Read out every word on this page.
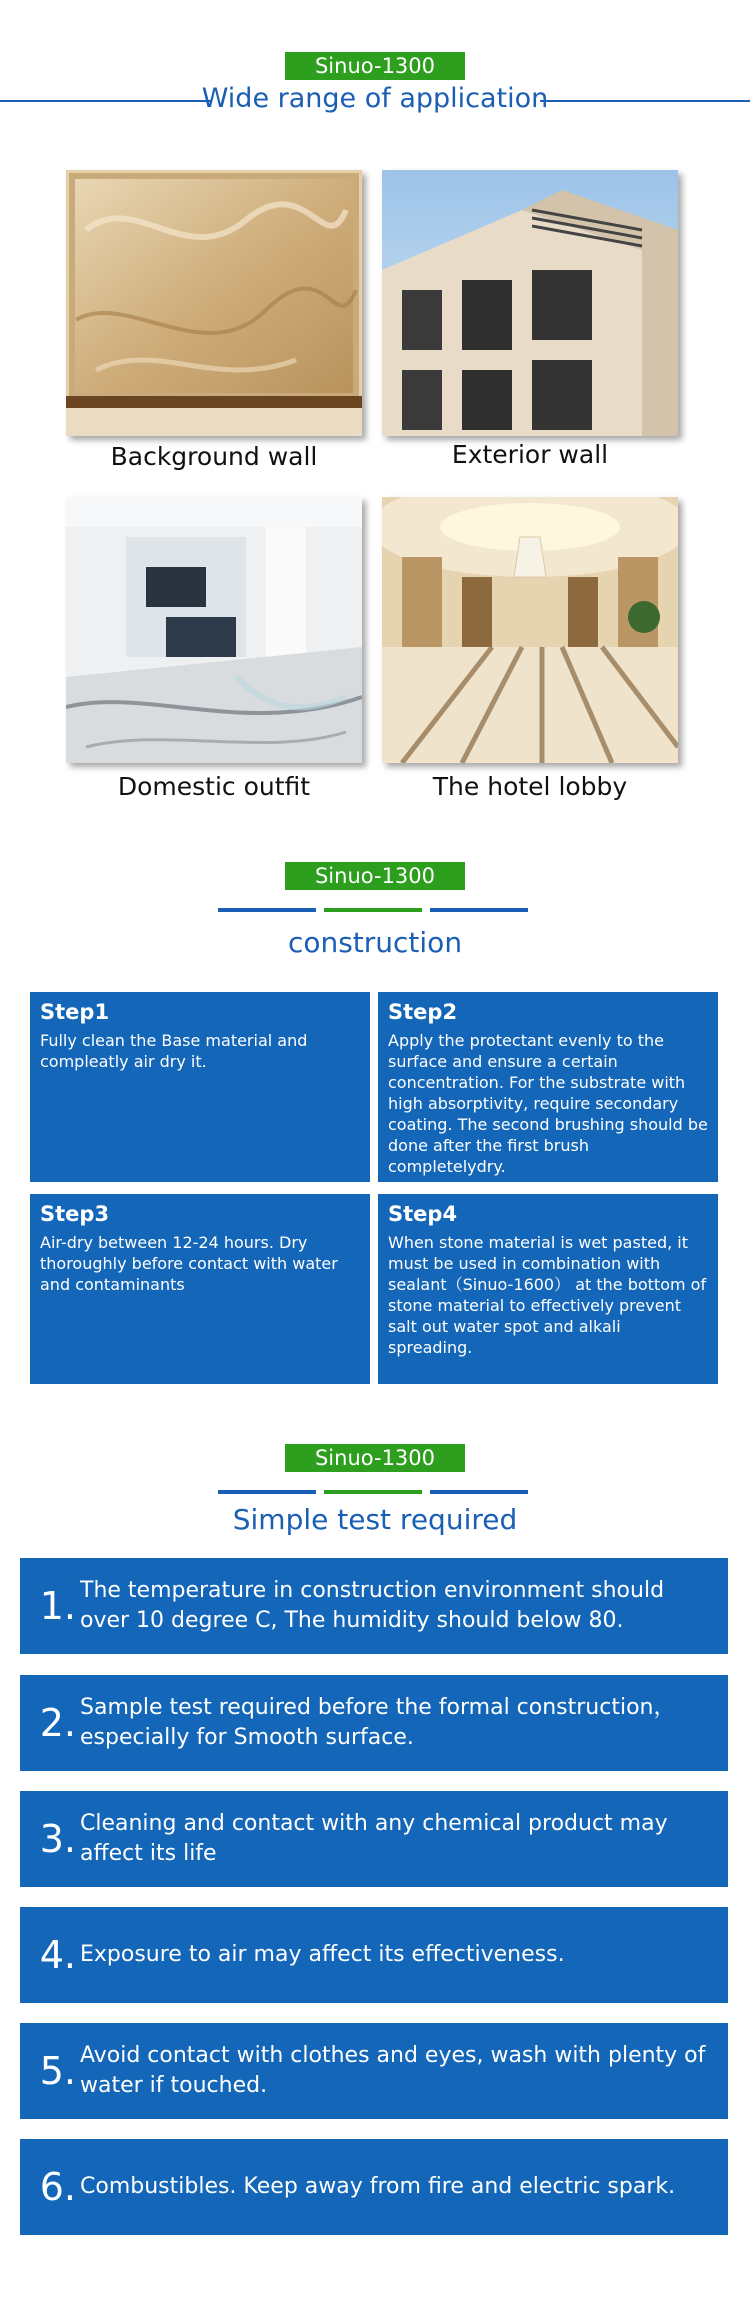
Sinuo-1300
Wide range of application
Background wall	Exterior wall
Domestic outfit	The hotel lobby
Sinuo-1300
construction
Step1
Fully clean the Base material and compleatly air dry it.
Step2
Apply the protectant evenly to the surface and ensure a certain concentration. For the substrate with high absorptivity, require secondary coating. The second brushing should be done after the first brush completelydry.
Step3
Air-dry between 12-24 hours. Dry thoroughly before contact with water and contaminants
Step4
When stone material is wet pasted, it must be used in combination with sealant（Sinuo-1600） at the bottom of stone material to effectively prevent salt out water spot and alkali spreading.
Sinuo-1300
Simple test required
1. The temperature in construction environment should over 10 degree C, The humidity should below 80.
2. Sample test required before the formal construction， especially for Smooth surface.
3. Cleaning and contact with any chemical product may affect its life
4. Exposure to air may affect its effectiveness.
5. Avoid contact with clothes and eyes, wash with plenty of water if touched.
6. Combustibles. Keep away from fire and electric spark.
